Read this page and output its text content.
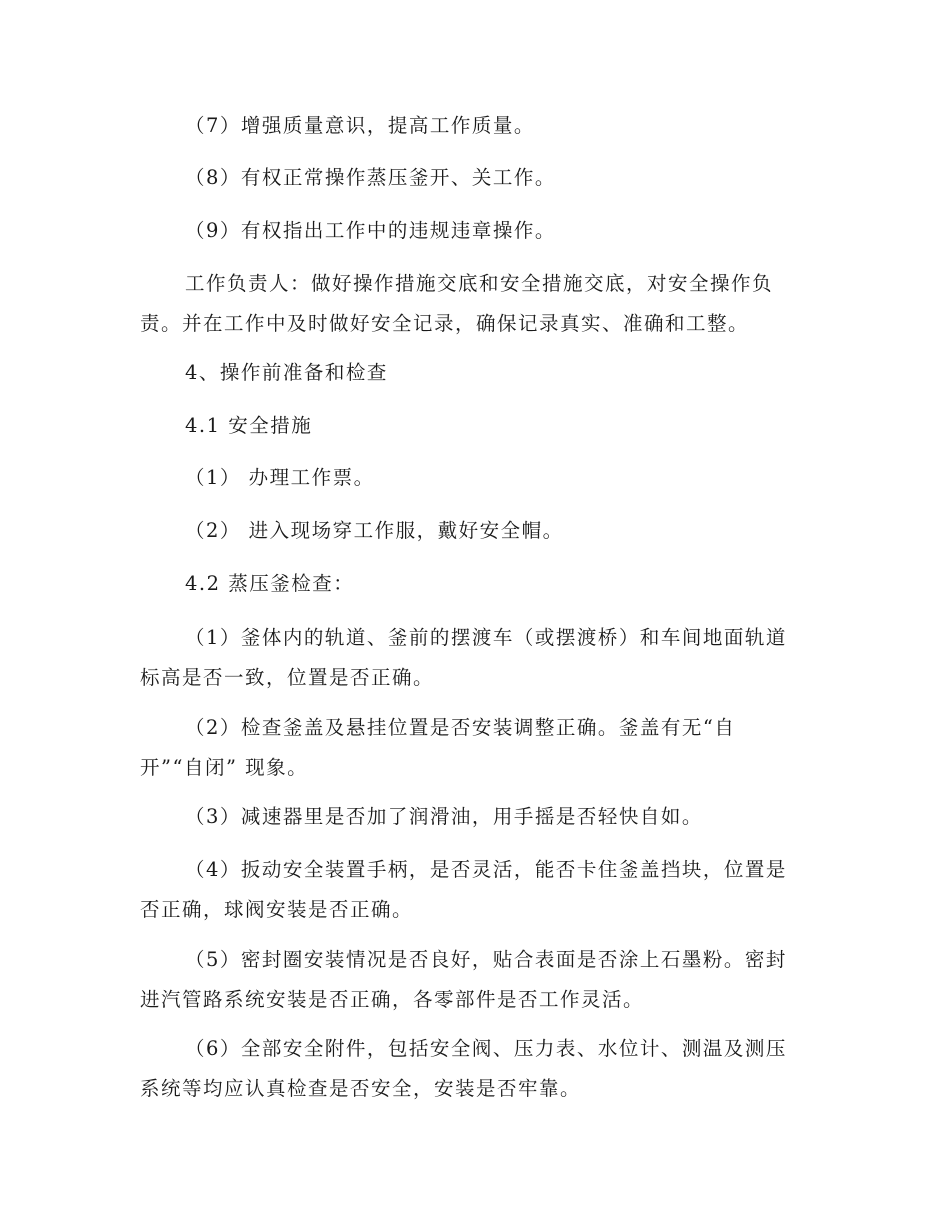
（7）增强质量意识，提高工作质量。
（8）有权正常操作蒸压釜开、关工作。
（9）有权指出工作中的违规违章操作。
工作负责人：做好操作措施交底和安全措施交底，对安全操作负
责。并在工作中及时做好安全记录，确保记录真实、准确和工整。
4、操作前准备和检查
4.1 安全措施
（1） 办理工作票。
（2） 进入现场穿工作服，戴好安全帽。
4.2 蒸压釜检查：
（1）釜体内的轨道、釜前的摆渡车（或摆渡桥）和车间地面轨道
标高是否一致，位置是否正确。
（2）检查釜盖及悬挂位置是否安装调整正确。釜盖有无“自
开”“自闭” 现象。
（3）减速器里是否加了润滑油，用手摇是否轻快自如。
（4）扳动安全装置手柄，是否灵活，能否卡住釜盖挡块，位置是
否正确，球阀安装是否正确。
（5）密封圈安装情况是否良好，贴合表面是否涂上石墨粉。密封
进汽管路系统安装是否正确，各零部件是否工作灵活。
（6）全部安全附件，包括安全阀、压力表、水位计、测温及测压
系统等均应认真检查是否安全，安装是否牢靠。
